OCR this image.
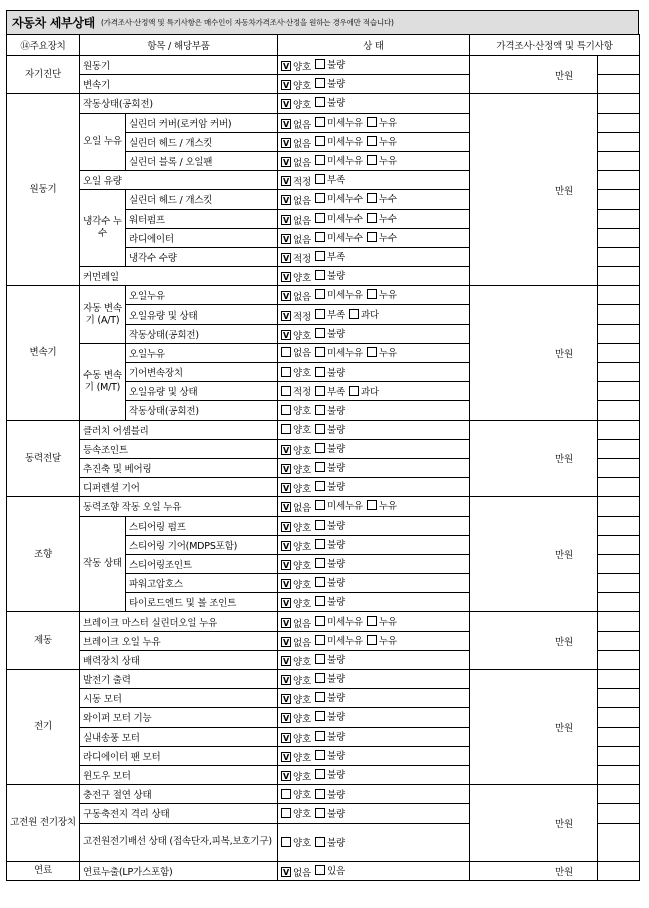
자동차 세부상태 (가격조사·산정액 및 특기사항은 매수인이 자동차가격조사·산정을 원하는 경우에만 적습니다)
⑭주요장치	항목 / 해당부품		상 태	가격조사·산정액 및 특기사항	
자기진단	원동기		V 양호 불량	만원	
	변속기		V 양호 불량		

원동기	작동상태(공회전)		V 양호 불량	만원	
	오일 누유	실린더 커버(로커암 커버)	V 없음 미세누유 누유		

		실린더 헤드 / 개스킷	V 없음 미세누유 누유		

		실린더 블록 / 오일팬	V 없음 미세누유 누유		

	오일 유량		V 적정 부족		

	냉각수 누수	실린더 헤드 / 개스킷	V 없음 미세누수 누수		

		워터펌프	V 없음 미세누수 누수		

		라디에이터	V 없음 미세누수 누수		

		냉각수 수량	V 적정 부족		

	커먼레일		V 양호 불량		

변속기	자동 변속기 (A/T)	오일누유	V 없음 미세누유 누유	만원	
		오일유량 및 상태	V 적정 부족 과다		

		작동상태(공회전)	V 양호 불량		

	수동 변속기 (M/T)	오일누유	없음 미세누유 누유		

		기어변속장치	양호 불량		

		오일유량 및 상태	적정 부족 과다		

		작동상태(공회전)	양호 불량		

동력전달	클러치 어셈블리		양호 불량	만원	
	등속조인트		V 양호 불량		

	추진축 및 베어링		V 양호 불량		

	디퍼렌셜 기어		V 양호 불량		

조향	동력조향 작동 오일 누유		V 없음 미세누유 누유	만원	
	작동 상태	스티어링 펌프	V 양호 불량		

		스티어링 기어(MDPS포함)	V 양호 불량		

		스티어링조인트	V 양호 불량		

		파워고압호스	V 양호 불량		

		타이로드엔드 및 볼 조인트	V 양호 불량		

제동	브레이크 마스터 실린더오일 누유		V 없음 미세누유 누유	만원	
	브레이크 오일 누유		V 없음 미세누유 누유		

	배력장치 상태		V 양호 불량		

전기	발전기 출력		V 양호 불량	만원	
	시동 모터		V 양호 불량		

	와이퍼 모터 기능		V 양호 불량		

	실내송풍 모터		V 양호 불량		

	라디에이터 팬 모터		V 양호 불량		

	윈도우 모터		V 양호 불량		

고전원 전기장치	충전구 절연 상태		양호 불량	만원	
	구동축전지 격리 상태		양호 불량		

	고전원전기배선 상태 (접속단자,피복,보호기구)		양호 불량		

연료	연료누출(LP가스포함)		V 없음 있음	만원	
